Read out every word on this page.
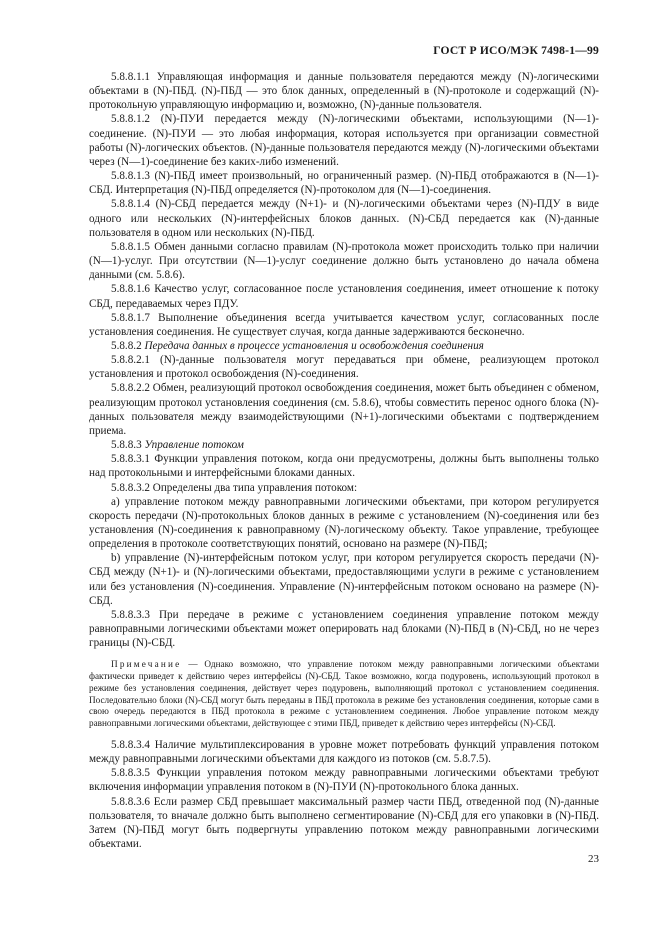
ГОСТ Р ИСО/МЭК 7498-1—99

5.8.8.1.1 Управляющая информация и данные пользователя передаются между (N)-логическими объектами в (N)-ПБД. (N)-ПБД — это блок данных, определенный в (N)-протоколе и содержащий (N)-протокольную управляющую информацию и, возможно, (N)-данные пользователя.

5.8.8.1.2 (N)-ПУИ передается между (N)-логическими объектами, использующими (N—1)-соединение. (N)-ПУИ — это любая информация, которая используется при организации совместной работы (N)-логических объектов. (N)-данные пользователя передаются между (N)-логическими объектами через (N—1)-соединение без каких-либо изменений.

5.8.8.1.3 (N)-ПБД имеет произвольный, но ограниченный размер. (N)-ПБД отображаются в (N—1)-СБД. Интерпретация (N)-ПБД определяется (N)-протоколом для (N—1)-соединения.

5.8.8.1.4 (N)-СБД передается между (N+1)- и (N)-логическими объектами через (N)-ПДУ в виде одного или нескольких (N)-интерфейсных блоков данных. (N)-СБД передается как (N)-данные пользователя в одном или нескольких (N)-ПБД.

5.8.8.1.5 Обмен данными согласно правилам (N)-протокола может происходить только при наличии (N—1)-услуг. При отсутствии (N—1)-услуг соединение должно быть установлено до начала обмена данными (см. 5.8.6).

5.8.8.1.6 Качество услуг, согласованное после установления соединения, имеет отношение к потоку СБД, передаваемых через ПДУ.

5.8.8.1.7 Выполнение объединения всегда учитывается качеством услуг, согласованных после установления соединения. Не существует случая, когда данные задерживаются бесконечно.

5.8.8.2 Передача данных в процессе установления и освобождения соединения

5.8.8.2.1 (N)-данные пользователя могут передаваться при обмене, реализующем протокол установления и протокол освобождения (N)-соединения.

5.8.8.2.2 Обмен, реализующий протокол освобождения соединения, может быть объединен с обменом, реализующим протокол установления соединения (см. 5.8.6), чтобы совместить перенос одного блока (N)-данных пользователя между взаимодействующими (N+1)-логическими объектами с подтверждением приема.

5.8.8.3 Управление потоком

5.8.8.3.1 Функции управления потоком, когда они предусмотрены, должны быть выполнены только над протокольными и интерфейсными блоками данных.

5.8.8.3.2 Определены два типа управления потоком:

а) управление потоком между равноправными логическими объектами, при котором регулируется скорость передачи (N)-протокольных блоков данных в режиме с установлением (N)-соединения или без установления (N)-соединения к равноправному (N)-логическому объекту. Такое управление, требующее определения в протоколе соответствующих понятий, основано на размере (N)-ПБД;

b) управление (N)-интерфейсным потоком услуг, при котором регулируется скорость передачи (N)-СБД между (N+1)- и (N)-логическими объектами, предоставляющими услуги в режиме с установлением или без установления (N)-соединения. Управление (N)-интерфейсным потоком основано на размере (N)-СБД.

5.8.8.3.3 При передаче в режиме с установлением соединения управление потоком между равноправными логическими объектами может оперировать над блоками (N)-ПБД в (N)-СБД, но не через границы (N)-СБД.

Примечание — Однако возможно, что управление потоком между равноправными логическими объектами фактически приведет к действию через интерфейсы (N)-СБД. Такое возможно, когда подуровень, использующий протокол в режиме без установления соединения, действует через подуровень, выполняющий протокол с установлением соединения. Последовательно блоки (N)-СБД могут быть переданы в ПБД протокола в режиме без установления соединения, которые сами в свою очередь передаются в ПБД протокола в режиме с установлением соединения. Любое управление потоком между равноправными логическими объектами, действующее с этими ПБД, приведет к действию через интерфейсы (N)-СБД.

5.8.8.3.4 Наличие мультиплексирования в уровне может потребовать функций управления потоком между равноправными логическими объектами для каждого из потоков (см. 5.8.7.5).

5.8.8.3.5 Функции управления потоком между равноправными логическими объектами требуют включения информации управления потоком в (N)-ПУИ (N)-протокольного блока данных.

5.8.8.3.6 Если размер СБД превышает максимальный размер части ПБД, отведенной под (N)-данные пользователя, то вначале должно быть выполнено сегментирование (N)-СБД для его упаковки в (N)-ПБД. Затем (N)-ПБД могут быть подвергнуты управлению потоком между равноправными логическими объектами.

23
